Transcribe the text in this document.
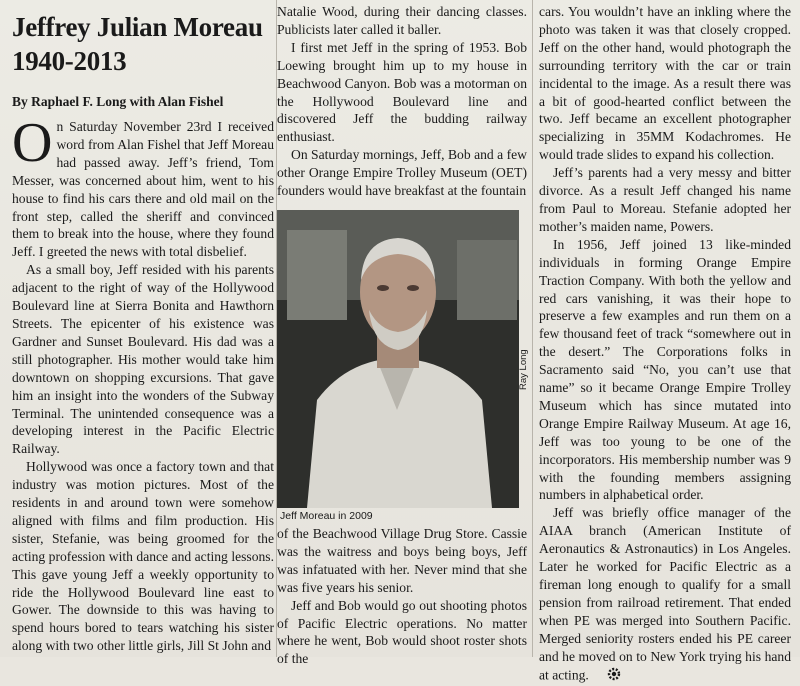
Jeffrey Julian Moreau
1940-2013

By Raphael F. Long with Alan Fishel

On Saturday November 23rd I received word from Alan Fishel that Jeff Moreau had passed away. Jeff’s friend, Tom Messer, was concerned about him, went to his house to find his cars there and old mail on the front step, called the sheriff and convinced them to break into the house, where they found Jeff. I greeted the news with total disbelief.

As a small boy, Jeff resided with his parents adjacent to the right of way of the Hollywood Boulevard line at Sierra Bonita and Hawthorn Streets. The epicenter of his existence was Gardner and Sunset Boulevard. His dad was a still photographer. His mother would take him downtown on shopping excursions. That gave him an insight into the wonders of the Subway Terminal. The unintended consequence was a developing interest in the Pacific Electric Railway.

Hollywood was once a factory town and that industry was motion pictures. Most of the residents in and around town were somehow aligned with films and film production. His sister, Stefanie, was being groomed for the acting profession with dance and acting lessons. This gave young Jeff a weekly opportunity to ride the Hollywood Boulevard line east to Gower. The downside to this was having to spend hours bored to tears watching his sister along with two other little girls, Jill St John and

Natalie Wood, during their dancing classes. Publicists later called it baller.

I first met Jeff in the spring of 1953. Bob Loewing brought him up to my house in Beachwood Canyon. Bob was a motorman on the Hollywood Boulevard line and discovered Jeff the budding railway enthusiast.

On Saturday mornings, Jeff, Bob and a few other Orange Empire Trolley Museum (OET) founders would have breakfast at the fountain

Jeff Moreau in 2009
Ray Long

of the Beachwood Village Drug Store. Cassie was the waitress and boys being boys, Jeff was infatuated with her. Never mind that she was five years his senior.

Jeff and Bob would go out shooting photos of Pacific Electric operations. No matter where he went, Bob would shoot roster shots of the

cars. You wouldn’t have an inkling where the photo was taken it was that closely cropped. Jeff on the other hand, would photograph the surrounding territory with the car or train incidental to the image. As a result there was a bit of good-hearted conflict between the two. Jeff became an excellent photographer specializing in 35MM Kodachromes. He would trade slides to expand his collection.

Jeff’s parents had a very messy and bitter divorce. As a result Jeff changed his name from Paul to Moreau. Stefanie adopted her mother’s maiden name, Powers.

In 1956, Jeff joined 13 like-minded individuals in forming Orange Empire Traction Company. With both the yellow and red cars vanishing, it was their hope to preserve a few examples and run them on a few thousand feet of track “somewhere out in the desert.” The Corporations folks in Sacramento said “No, you can’t use that name” so it became Orange Empire Trolley Museum which has since mutated into Orange Empire Railway Museum. At age 16, Jeff was too young to be one of the incorporators. His membership number was 9 with the founding members assigning numbers in alphabetical order.

Jeff was briefly office manager of the AIAA branch (American Institute of Aeronautics & Astronautics) in Los Angeles. Later he worked for Pacific Electric as a fireman long enough to qualify for a small pension from railroad retirement. That ended when PE was merged into Southern Pacific. Merged seniority rosters ended his PE career and he moved on to New York trying his hand at acting.
